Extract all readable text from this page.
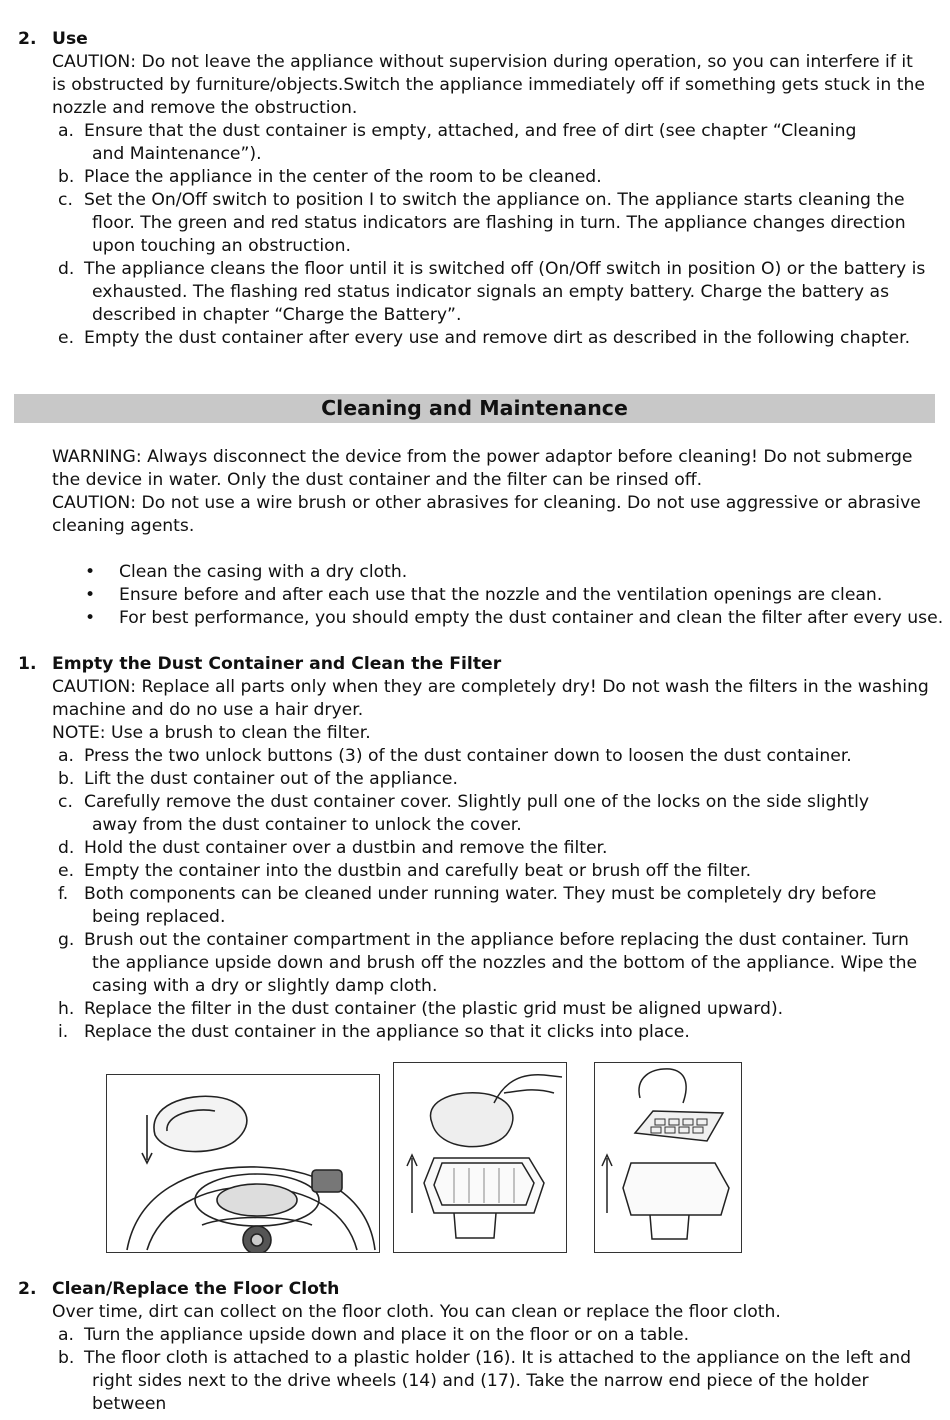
2. Use
CAUTION: Do not leave the appliance without supervision during operation, so you can interfere if it is obstructed by furniture/objects.Switch the appliance immediately off if something gets stuck in the nozzle and remove the obstruction.
a. Ensure that the dust container is empty, attached, and free of dirt (see chapter “Cleaning and Maintenance”).
b. Place the appliance in the center of the room to be cleaned.
c. Set the On/Off switch to position I to switch the appliance on. The appliance starts cleaning the floor. The green and red status indicators are flashing in turn. The appliance changes direction upon touching an obstruction.
d. The appliance cleans the floor until it is switched off (On/Off switch in position O) or the battery is exhausted. The flashing red status indicator signals an empty battery. Charge the battery as described in chapter “Charge the Battery”.
e. Empty the dust container after every use and remove dirt as described in the following chapter.
Cleaning and Maintenance
WARNING: Always disconnect the device from the power adaptor before cleaning! Do not submerge the device in water. Only the dust container and the filter can be rinsed off.
CAUTION: Do not use a wire brush or other abrasives for cleaning. Do not use aggressive or abrasive cleaning agents.
• Clean the casing with a dry cloth.
• Ensure before and after each use that the nozzle and the ventilation openings are clean.
• For best performance, you should empty the dust container and clean the filter after every use.
1. Empty the Dust Container and Clean the Filter
CAUTION: Replace all parts only when they are completely dry! Do not wash the filters in the washing machine and do no use a hair dryer.
NOTE: Use a brush to clean the filter.
a. Press the two unlock buttons (3) of the dust container down to loosen the dust container.
b. Lift the dust container out of the appliance.
c. Carefully remove the dust container cover. Slightly pull one of the locks on the side slightly away from the dust container to unlock the cover.
d. Hold the dust container over a dustbin and remove the filter.
e. Empty the container into the dustbin and carefully beat or brush off the filter.
f. Both components can be cleaned under running water. They must be completely dry before being replaced.
g. Brush out the container compartment in the appliance before replacing the dust container. Turn the appliance upside down and brush off the nozzles and the bottom of the appliance. Wipe the casing with a dry or slightly damp cloth.
h. Replace the filter in the dust container (the plastic grid must be aligned upward).
i. Replace the dust container in the appliance so that it clicks into place.
2. Clean/Replace the Floor Cloth
Over time, dirt can collect on the floor cloth. You can clean or replace the floor cloth.
a. Turn the appliance upside down and place it on the floor or on a table.
b. The floor cloth is attached to a plastic holder (16). It is attached to the appliance on the left and right sides next to the drive wheels (14) and (17). Take the narrow end piece of the holder between
